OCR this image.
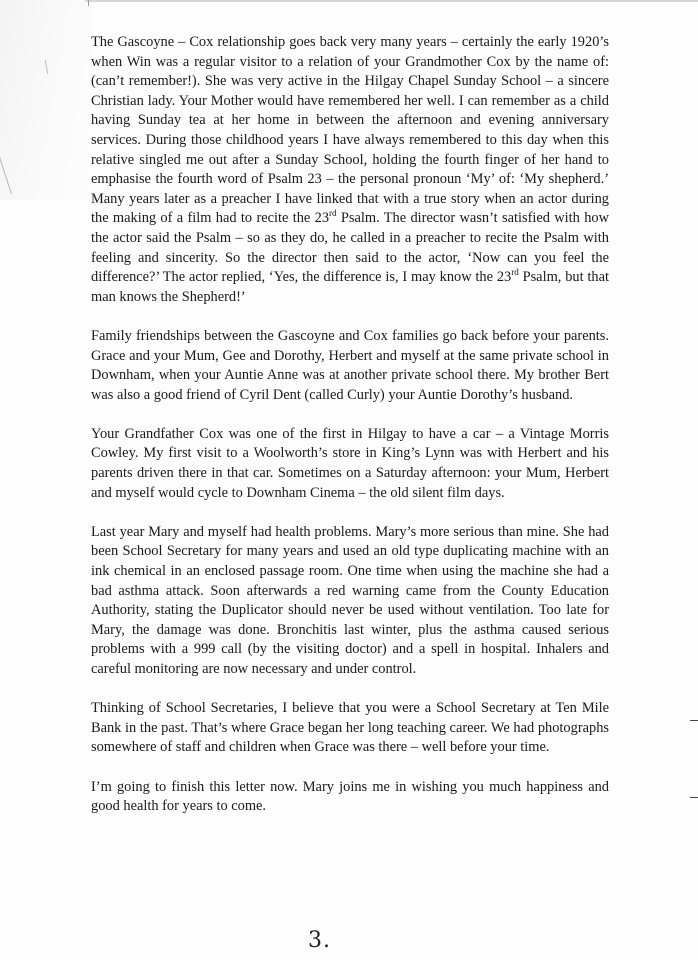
The Gascoyne – Cox relationship goes back very many years – certainly the early 1920’s when Win was a regular visitor to a relation of your Grandmother Cox by the name of: (can’t remember!). She was very active in the Hilgay Chapel Sunday School – a sincere Christian lady. Your Mother would have remembered her well. I can remember as a child having Sunday tea at her home in between the afternoon and evening anniversary services. During those childhood years I have always remembered to this day when this relative singled me out after a Sunday School, holding the fourth finger of her hand to emphasise the fourth word of Psalm 23 – the personal pronoun ‘My’ of: ‘My shepherd.’ Many years later as a preacher I have linked that with a true story when an actor during the making of a film had to recite the 23rd Psalm. The director wasn’t satisfied with how the actor said the Psalm – so as they do, he called in a preacher to recite the Psalm with feeling and sincerity. So the director then said to the actor, ‘Now can you feel the difference?’ The actor replied, ‘Yes, the difference is, I may know the 23rd Psalm, but that man knows the Shepherd!’

Family friendships between the Gascoyne and Cox families go back before your parents. Grace and your Mum, Gee and Dorothy, Herbert and myself at the same private school in Downham, when your Auntie Anne was at another private school there. My brother Bert was also a good friend of Cyril Dent (called Curly) your Auntie Dorothy’s husband.

Your Grandfather Cox was one of the first in Hilgay to have a car – a Vintage Morris Cowley. My first visit to a Woolworth’s store in King’s Lynn was with Herbert and his parents driven there in that car. Sometimes on a Saturday afternoon: your Mum, Herbert and myself would cycle to Downham Cinema – the old silent film days.

Last year Mary and myself had health problems. Mary’s more serious than mine. She had been School Secretary for many years and used an old type duplicating machine with an ink chemical in an enclosed passage room. One time when using the machine she had a bad asthma attack. Soon afterwards a red warning came from the County Education Authority, stating the Duplicator should never be used without ventilation. Too late for Mary, the damage was done. Bronchitis last winter, plus the asthma caused serious problems with a 999 call (by the visiting doctor) and a spell in hospital. Inhalers and careful monitoring are now necessary and under control.

Thinking of School Secretaries, I believe that you were a School Secretary at Ten Mile Bank in the past. That’s where Grace began her long teaching career. We had photographs somewhere of staff and children when Grace was there – well before your time.

I’m going to finish this letter now. Mary joins me in wishing you much happiness and good health for years to come.

3.
